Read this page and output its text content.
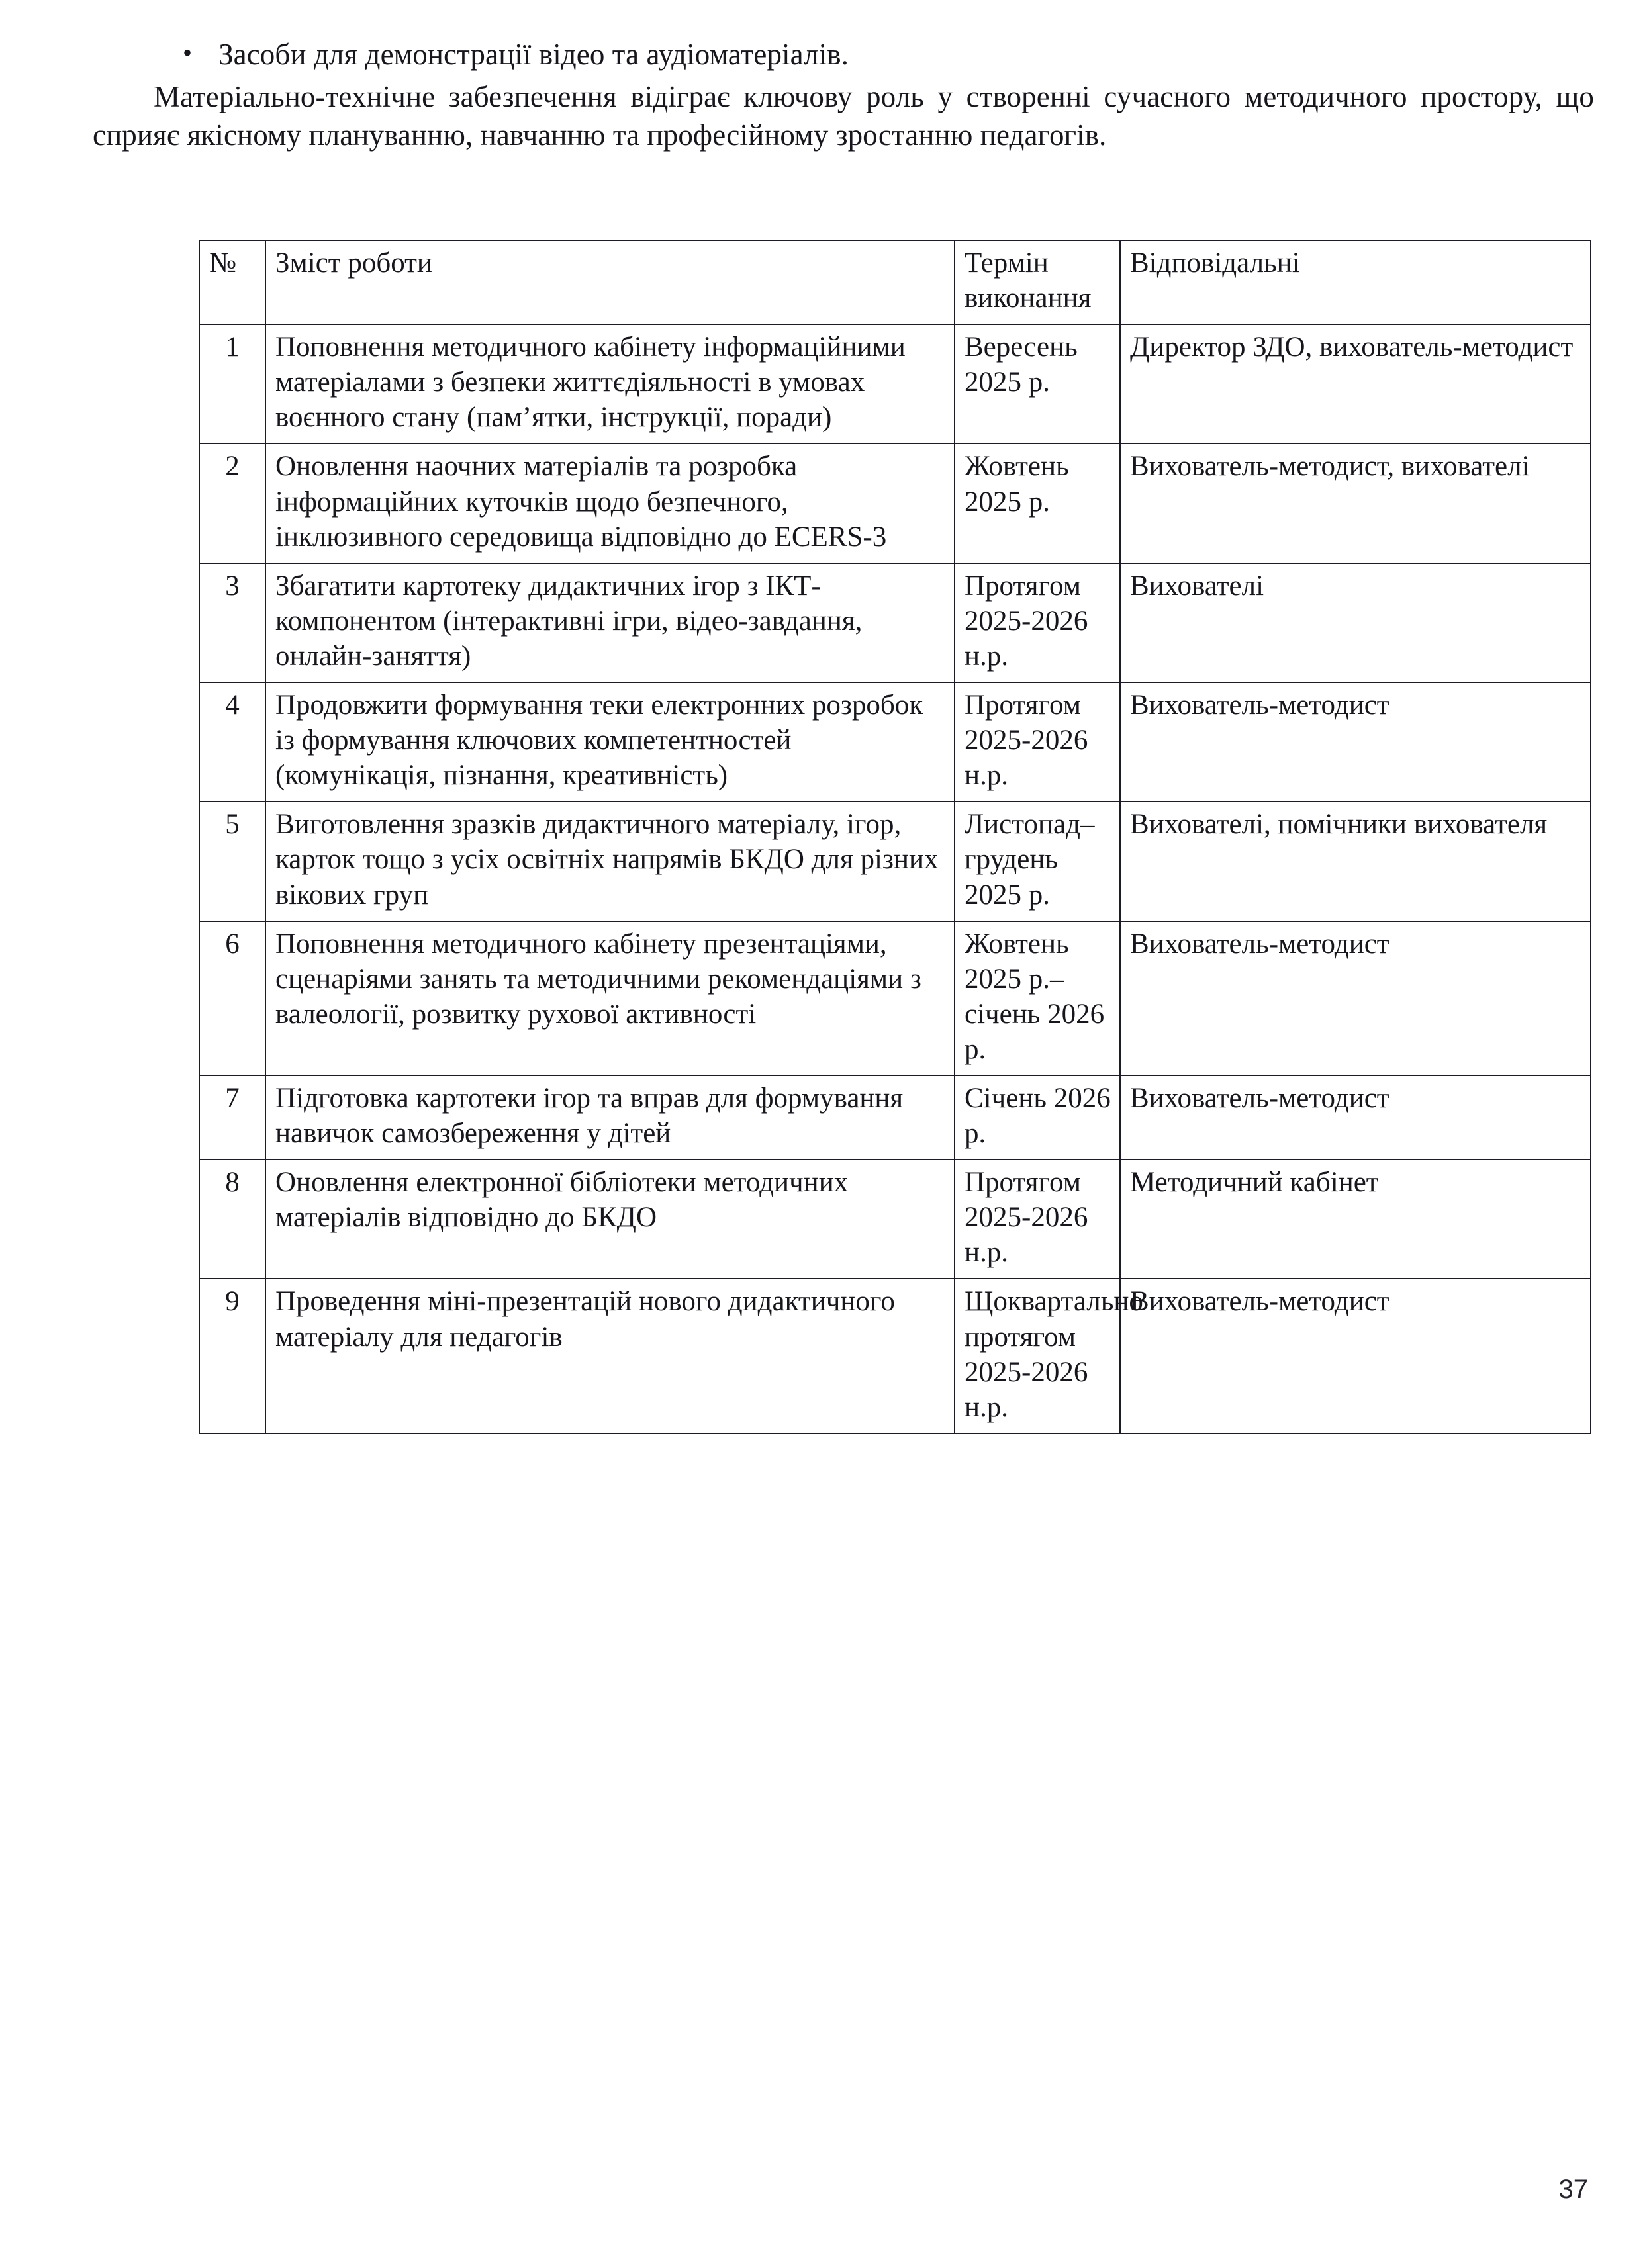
• Засоби для демонстрації відео та аудіоматеріалів.
Матеріально-технічне забезпечення відіграє ключову роль у створенні сучасного методичного простору, що сприяє якісному плануванню, навчанню та професійному зростанню педагогів.
№	Зміст роботи	Термін виконання	Відповідальні
1	Поповнення методичного кабінету інформаційними матеріалами з безпеки життєдіяльності в умовах воєнного стану (пам’ятки, інструкції, поради)	Вересень 2025 р.	Директор ЗДО, вихователь-методист
2	Оновлення наочних матеріалів та розробка інформаційних куточків щодо безпечного, інклюзивного середовища відповідно до ECERS-3	Жовтень 2025 р.	Вихователь-методист, вихователі
3	Збагатити картотеку дидактичних ігор з ІКТ-компонентом (інтерактивні ігри, відео-завдання, онлайн-заняття)	Протягом 2025-2026 н.р.	Вихователі
4	Продовжити формування теки електронних розробок із формування ключових компетентностей (комунікація, пізнання, креативність)	Протягом 2025-2026 н.р.	Вихователь-методист
5	Виготовлення зразків дидактичного матеріалу, ігор, карток тощо з усіх освітніх напрямів БКДО для різних вікових груп	Листопад–грудень 2025 р.	Вихователі, помічники вихователя
6	Поповнення методичного кабінету презентаціями, сценаріями занять та методичними рекомендаціями з валеології, розвитку рухової активності	Жовтень 2025 р.–січень 2026 р.	Вихователь-методист
7	Підготовка картотеки ігор та вправ для формування навичок самозбереження у дітей	Січень 2026 р.	Вихователь-методист
8	Оновлення електронної бібліотеки методичних матеріалів відповідно до БКДО	Протягом 2025-2026 н.р.	Методичний кабінет
9	Проведення міні-презентацій нового дидактичного матеріалу для педагогів	Щоквартально протягом 2025-2026 н.р.	Вихователь-методист
37
